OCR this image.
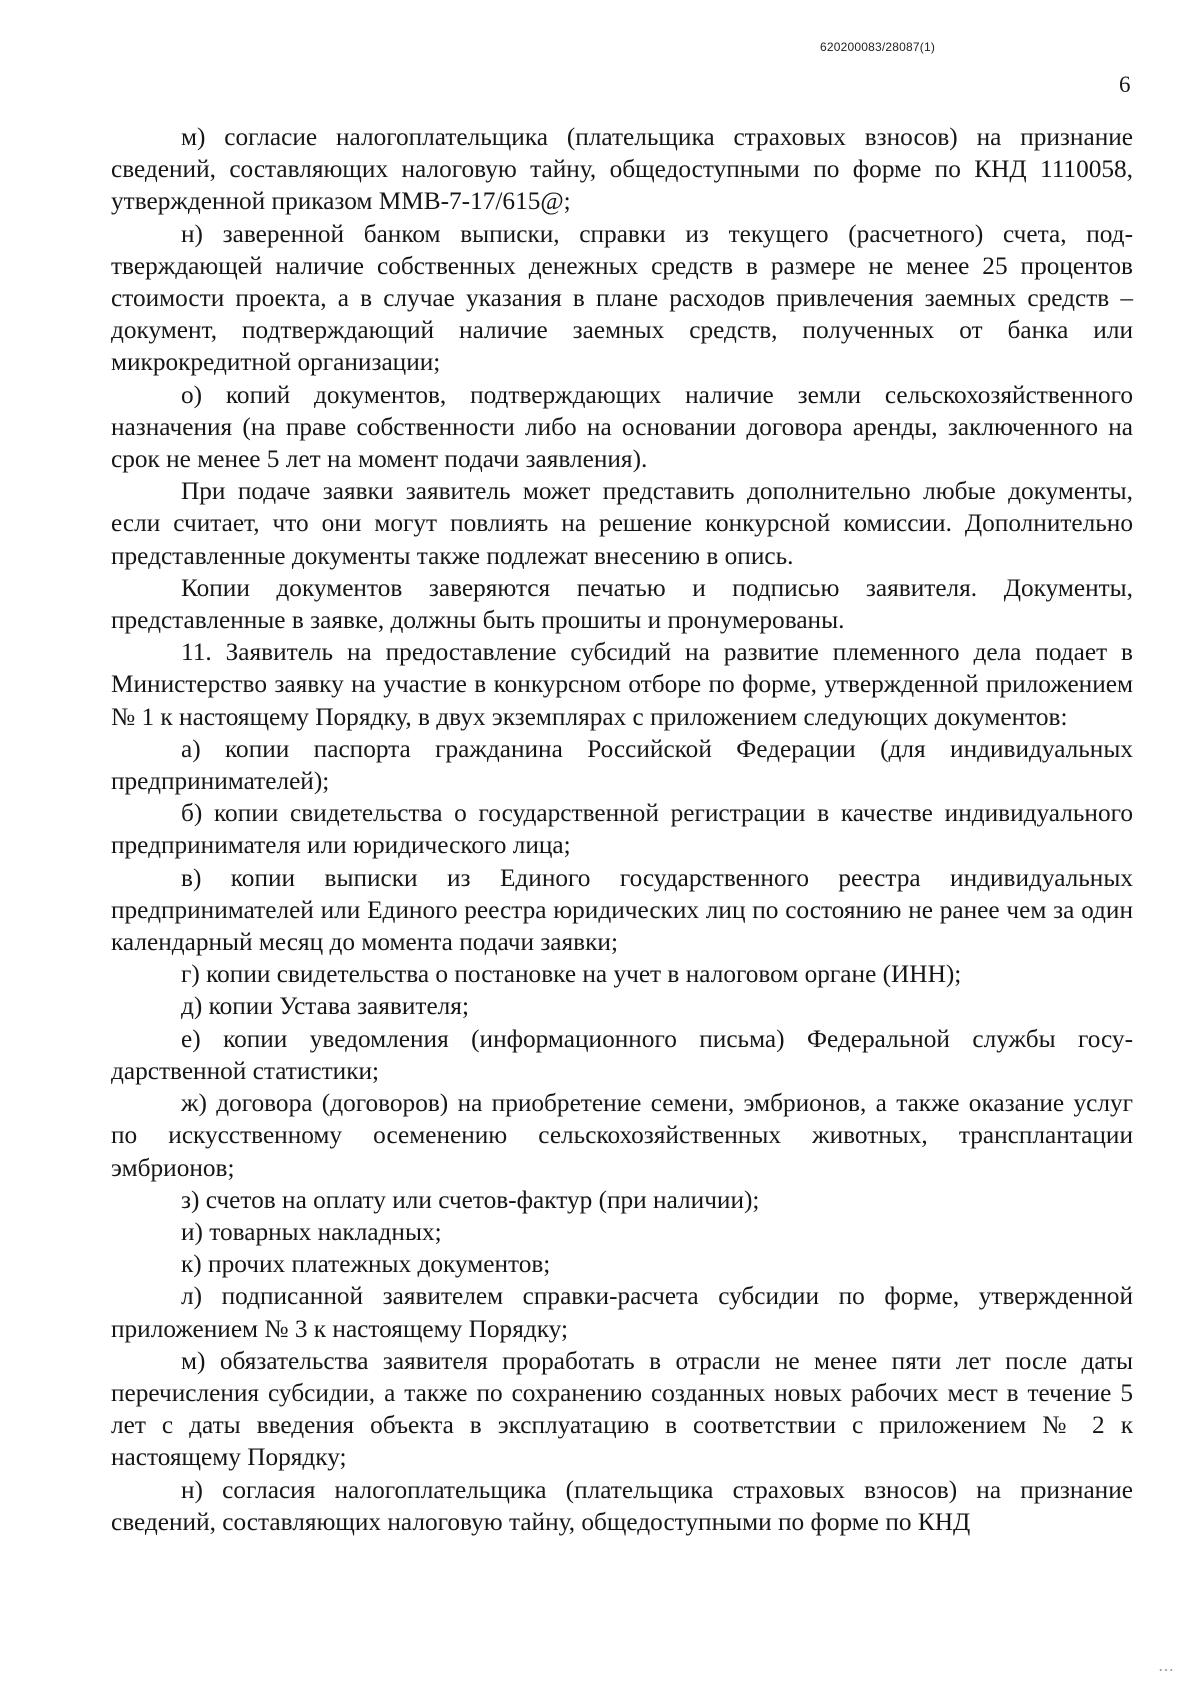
620200083/28087(1)
6

м) согласие налогоплательщика (плательщика страховых взносов) на признание сведений, составляющих налоговую тайну, общедоступными по форме по КНД 1110058, утвержденной приказом ММВ-7-17/615@;

н) заверенной банком выписки, справки из текущего (расчетного) счета, подтверждающей наличие собственных денежных средств в размере не менее 25 процентов стоимости проекта, а в случае указания в плане расходов привлечения заемных средств – документ, подтверждающий наличие заемных средств, полученных от банка или микрокредитной организации;

о) копий документов, подтверждающих наличие земли сельскохозяйственного назначения (на праве собственности либо на основании договора аренды, заключенного на срок не менее 5 лет на момент подачи заявления).

При подаче заявки заявитель может представить дополнительно любые документы, если считает, что они могут повлиять на решение конкурсной комиссии. Дополнительно представленные документы также подлежат внесению в опись.

Копии документов заверяются печатью и подписью заявителя. Документы, представленные в заявке, должны быть прошиты и пронумерованы.

11. Заявитель на предоставление субсидий на развитие племенного дела подает в Министерство заявку на участие в конкурсном отборе по форме, утвержденной приложением № 1 к настоящему Порядку, в двух экземплярах с приложением следующих документов:

а) копии паспорта гражданина Российской Федерации (для индивидуальных предпринимателей);

б) копии свидетельства о государственной регистрации в качестве индивидуального предпринимателя или юридического лица;

в) копии выписки из Единого государственного реестра индивидуальных предпринимателей или Единого реестра юридических лиц по состоянию не ранее чем за один календарный месяц до момента подачи заявки;

г) копии свидетельства о постановке на учет в налоговом органе (ИНН);

д) копии Устава заявителя;

е) копии уведомления (информационного письма) Федеральной службы государственной статистики;

ж) договора (договоров) на приобретение семени, эмбрионов, а также оказание услуг по искусственному осеменению сельскохозяйственных животных, трансплантации эмбрионов;

з) счетов на оплату или счетов-фактур (при наличии);

и) товарных накладных;

к) прочих платежных документов;

л) подписанной заявителем справки-расчета субсидии по форме, утвержденной приложением № 3 к настоящему Порядку;

м) обязательства заявителя проработать в отрасли не менее пяти лет после даты перечисления субсидии, а также по сохранению созданных новых рабочих мест в течение 5 лет с даты введения объекта в эксплуатацию в соответствии с приложением № 2 к настоящему Порядку;

н) согласия налогоплательщика (плательщика страховых взносов) на признание сведений, составляющих налоговую тайну, общедоступными по форме по КНД

⋯
